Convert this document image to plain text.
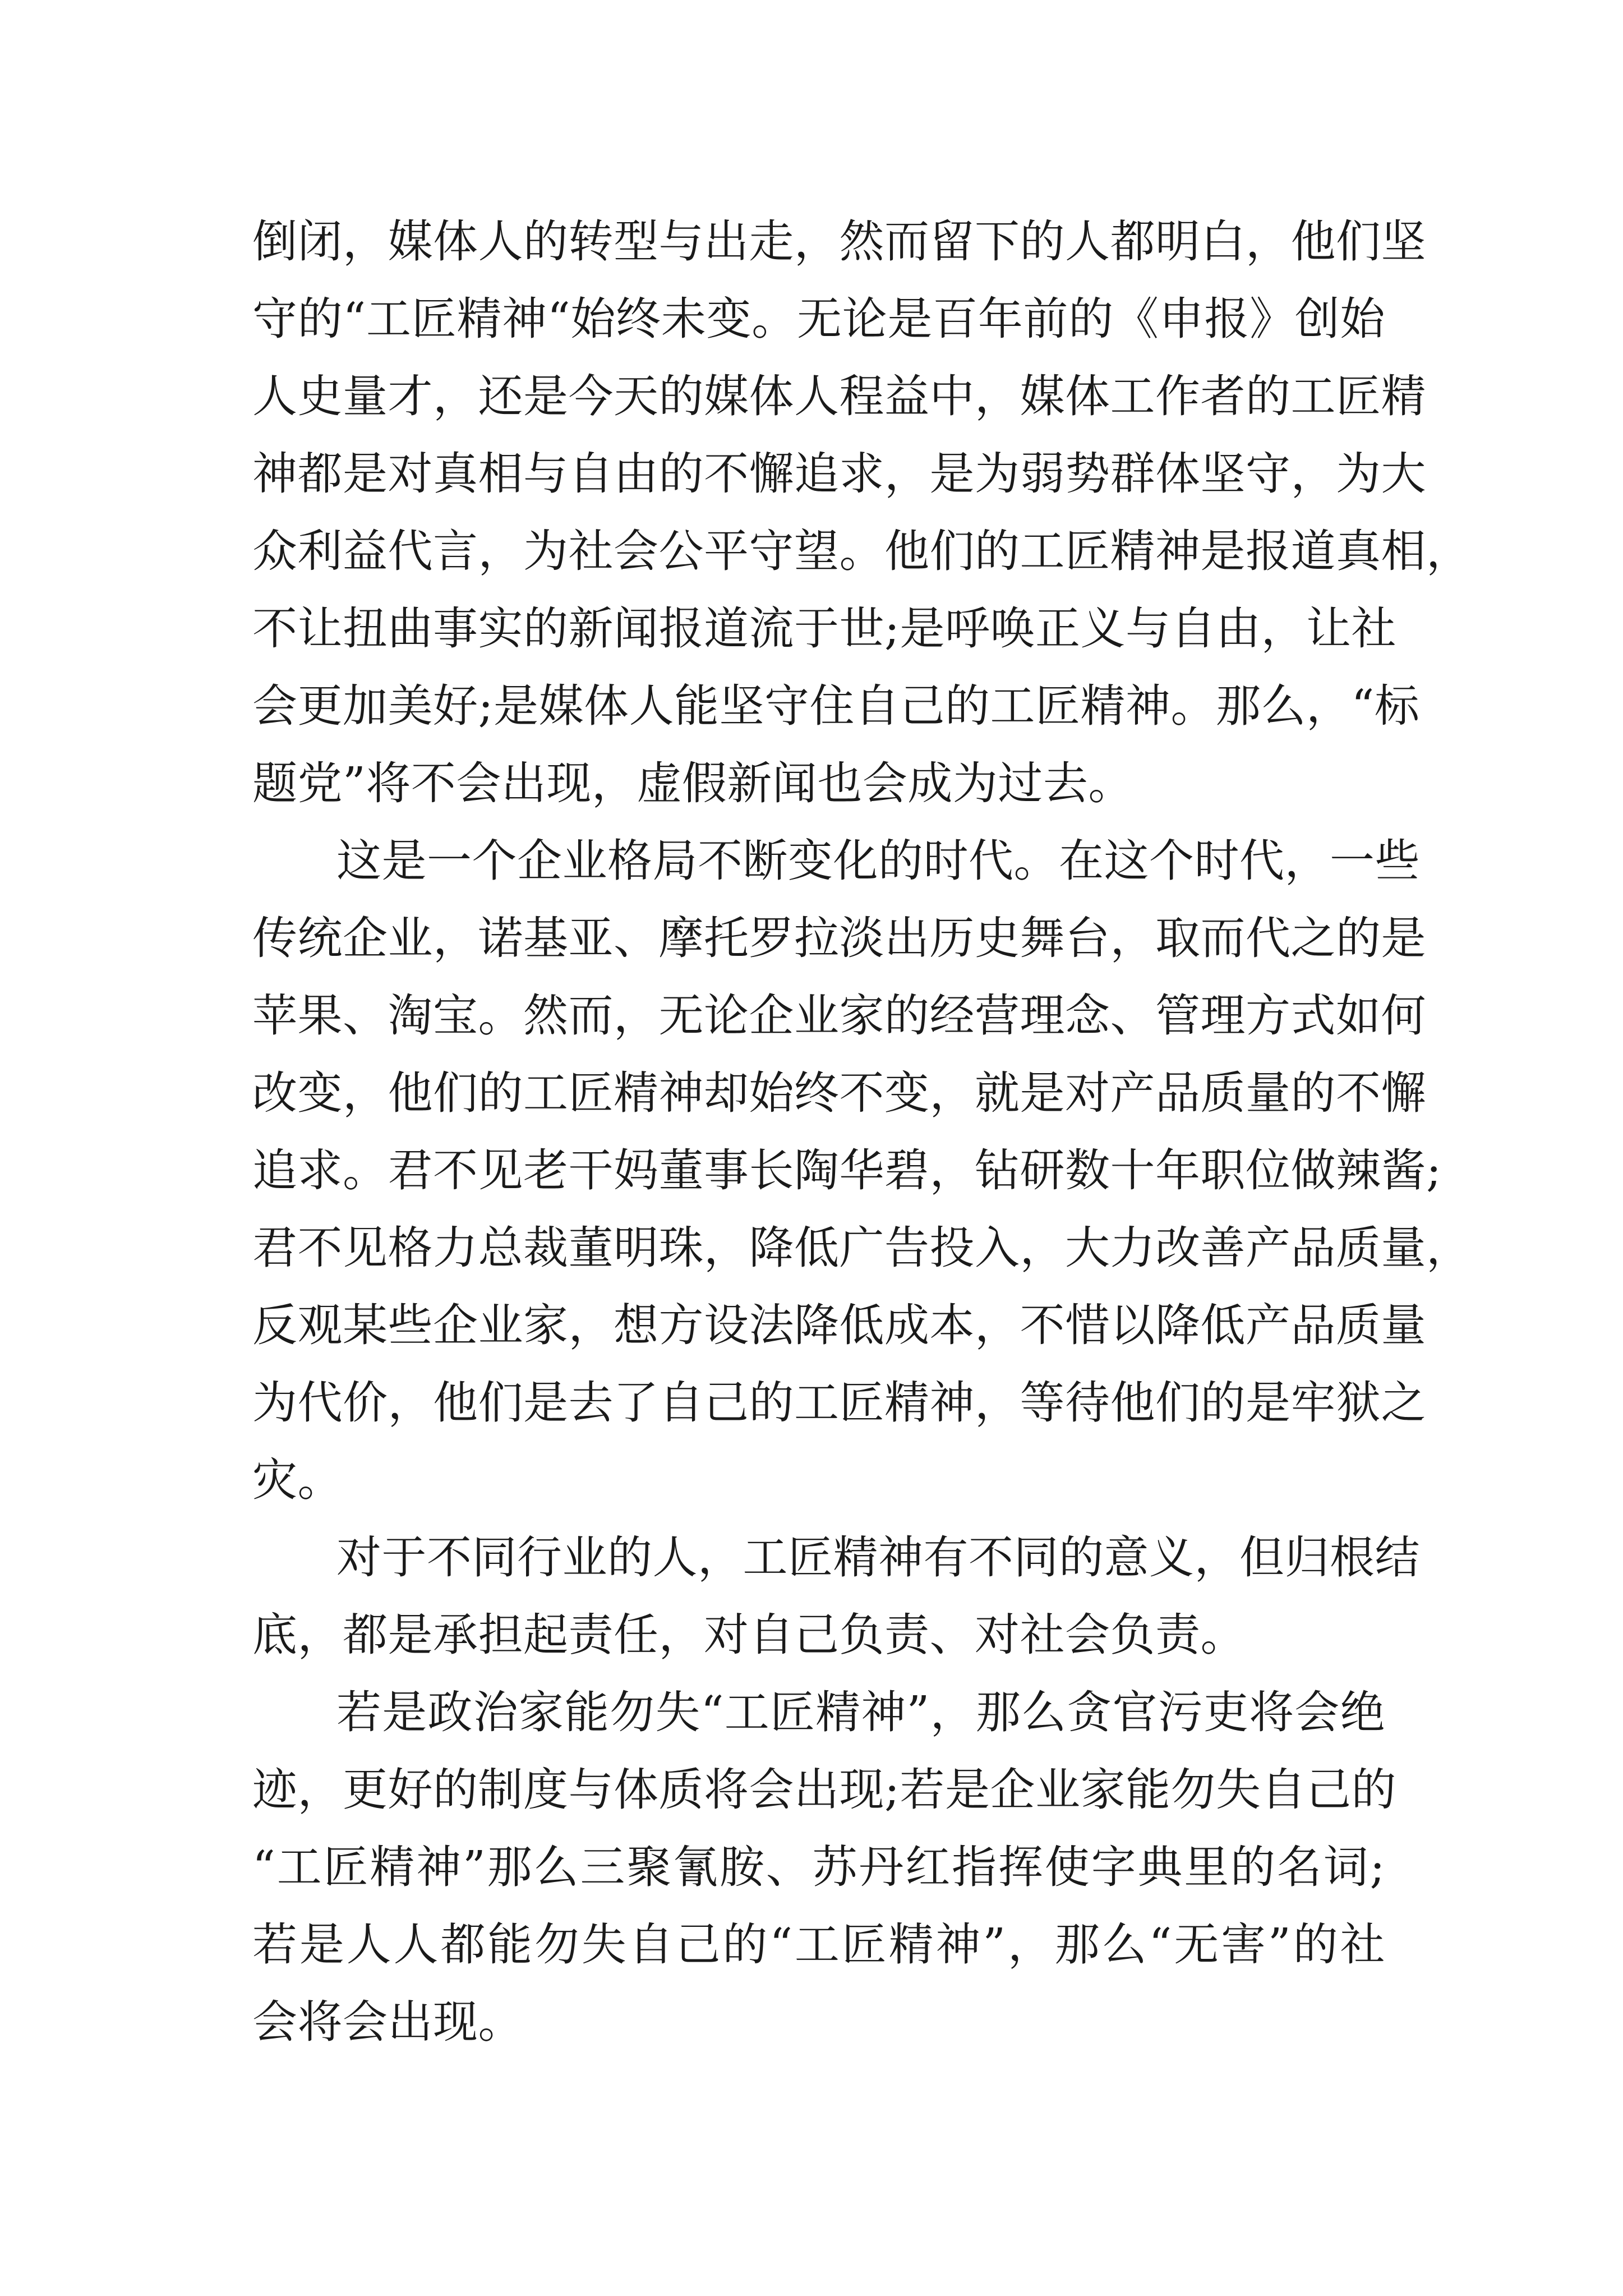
倒闭，媒体人的转型与出走，然而留下的人都明白，他们坚
守的“工匠精神“始终未变。无论是百年前的《申报》创始
人史量才，还是今天的媒体人程益中，媒体工作者的工匠精
神都是对真相与自由的不懈追求，是为弱势群体坚守，为大
众利益代言，为社会公平守望。他们的工匠精神是报道真相，
不让扭曲事实的新闻报道流于世;是呼唤正义与自由，让社
会更加美好;是媒体人能坚守住自己的工匠精神。那么，“标
题党”将不会出现，虚假新闻也会成为过去。
这是一个企业格局不断变化的时代。在这个时代，一些
传统企业，诺基亚、摩托罗拉淡出历史舞台，取而代之的是
苹果、淘宝。然而，无论企业家的经营理念、管理方式如何
改变，他们的工匠精神却始终不变，就是对产品质量的不懈
追求。君不见老干妈董事长陶华碧，钻研数十年职位做辣酱;
君不见格力总裁董明珠，降低广告投入，大力改善产品质量，
反观某些企业家，想方设法降低成本，不惜以降低产品质量
为代价，他们是去了自己的工匠精神，等待他们的是牢狱之
灾。
对于不同行业的人，工匠精神有不同的意义，但归根结
底，都是承担起责任，对自己负责、对社会负责。
若是政治家能勿失“工匠精神”，那么贪官污吏将会绝
迹，更好的制度与体质将会出现;若是企业家能勿失自己的
“工匠精神”那么三聚氰胺、苏丹红指挥使字典里的名词;
若是人人都能勿失自己的“工匠精神”，那么“无害”的社
会将会出现。
